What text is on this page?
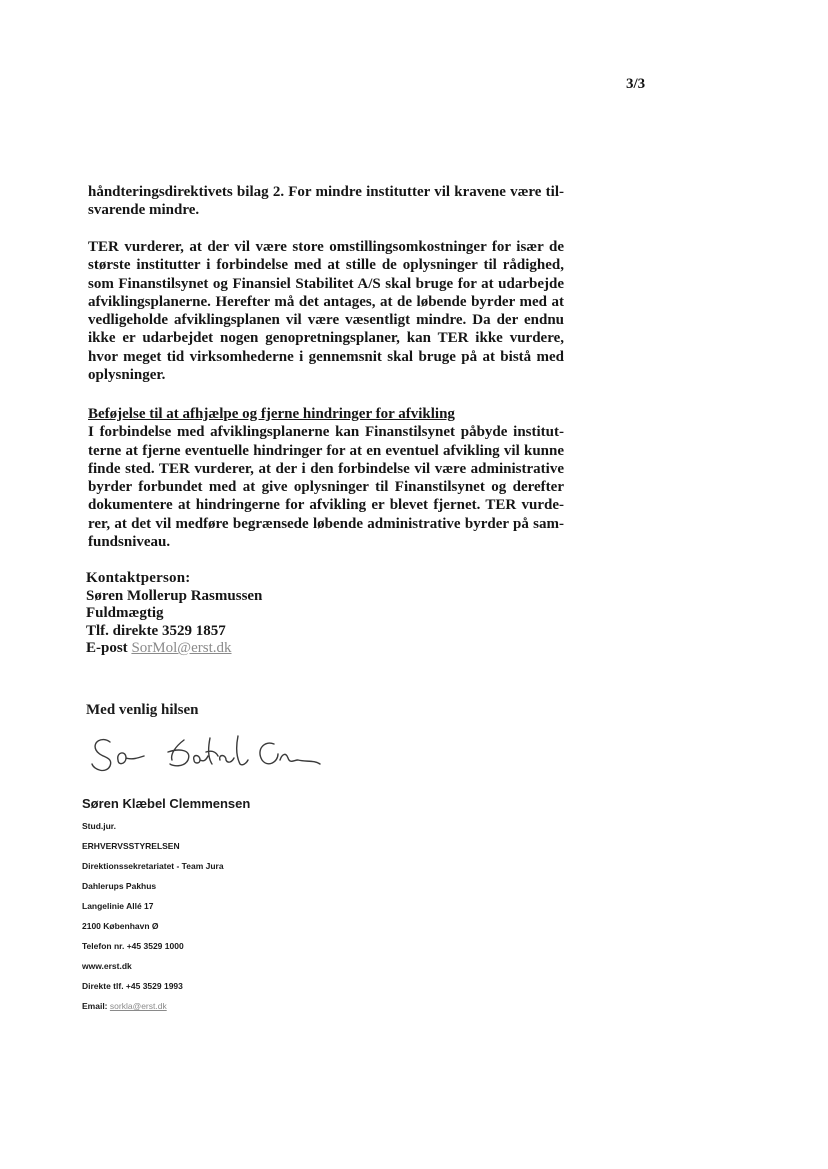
3/3

håndteringsdirektivets bilag 2. For mindre institutter vil kravene være til-svarende mindre.

TER vurderer, at der vil være store omstillingsomkostninger for især de største institutter i forbindelse med at stille de oplysninger til rådighed, som Finanstilsynet og Finansiel Stabilitet A/S skal bruge for at udarbejde afviklingsplanerne. Herefter må det antages, at de løbende byrder med at vedligeholde afviklingsplanen vil være væsentligt mindre. Da der endnu ikke er udarbejdet nogen genopretningsplaner, kan TER ikke vurdere, hvor meget tid virksomhederne i gennemsnit skal bruge på at bistå med oplysninger.

Beføjelse til at afhjælpe og fjerne hindringer for afvikling

I forbindelse med afviklingsplanerne kan Finanstilsynet påbyde institut-terne at fjerne eventuelle hindringer for at en eventuel afvikling vil kunne finde sted. TER vurderer, at der i den forbindelse vil være administrative byrder forbundet med at give oplysninger til Finanstilsynet og derefter dokumentere at hindringerne for afvikling er blevet fjernet. TER vurde-rer, at det vil medføre begrænsede løbende administrative byrder på sam-fundsniveau.

Kontaktperson:
Søren Mollerup Rasmussen
Fuldmægtig
Tlf. direkte 3529 1857
E-post SorMol@erst.dk
Med venlig hilsen
Søren Klæbel Clemmensen
Stud.jur.
ERHVERVSSTYRELSEN
Direktionssekretariatet - Team Jura
Dahlerups Pakhus
Langelinie Allé 17
2100 København Ø
Telefon nr. +45 3529 1000
www.erst.dk
Direkte tlf. +45 3529 1993
Email: sorkla@erst.dk
